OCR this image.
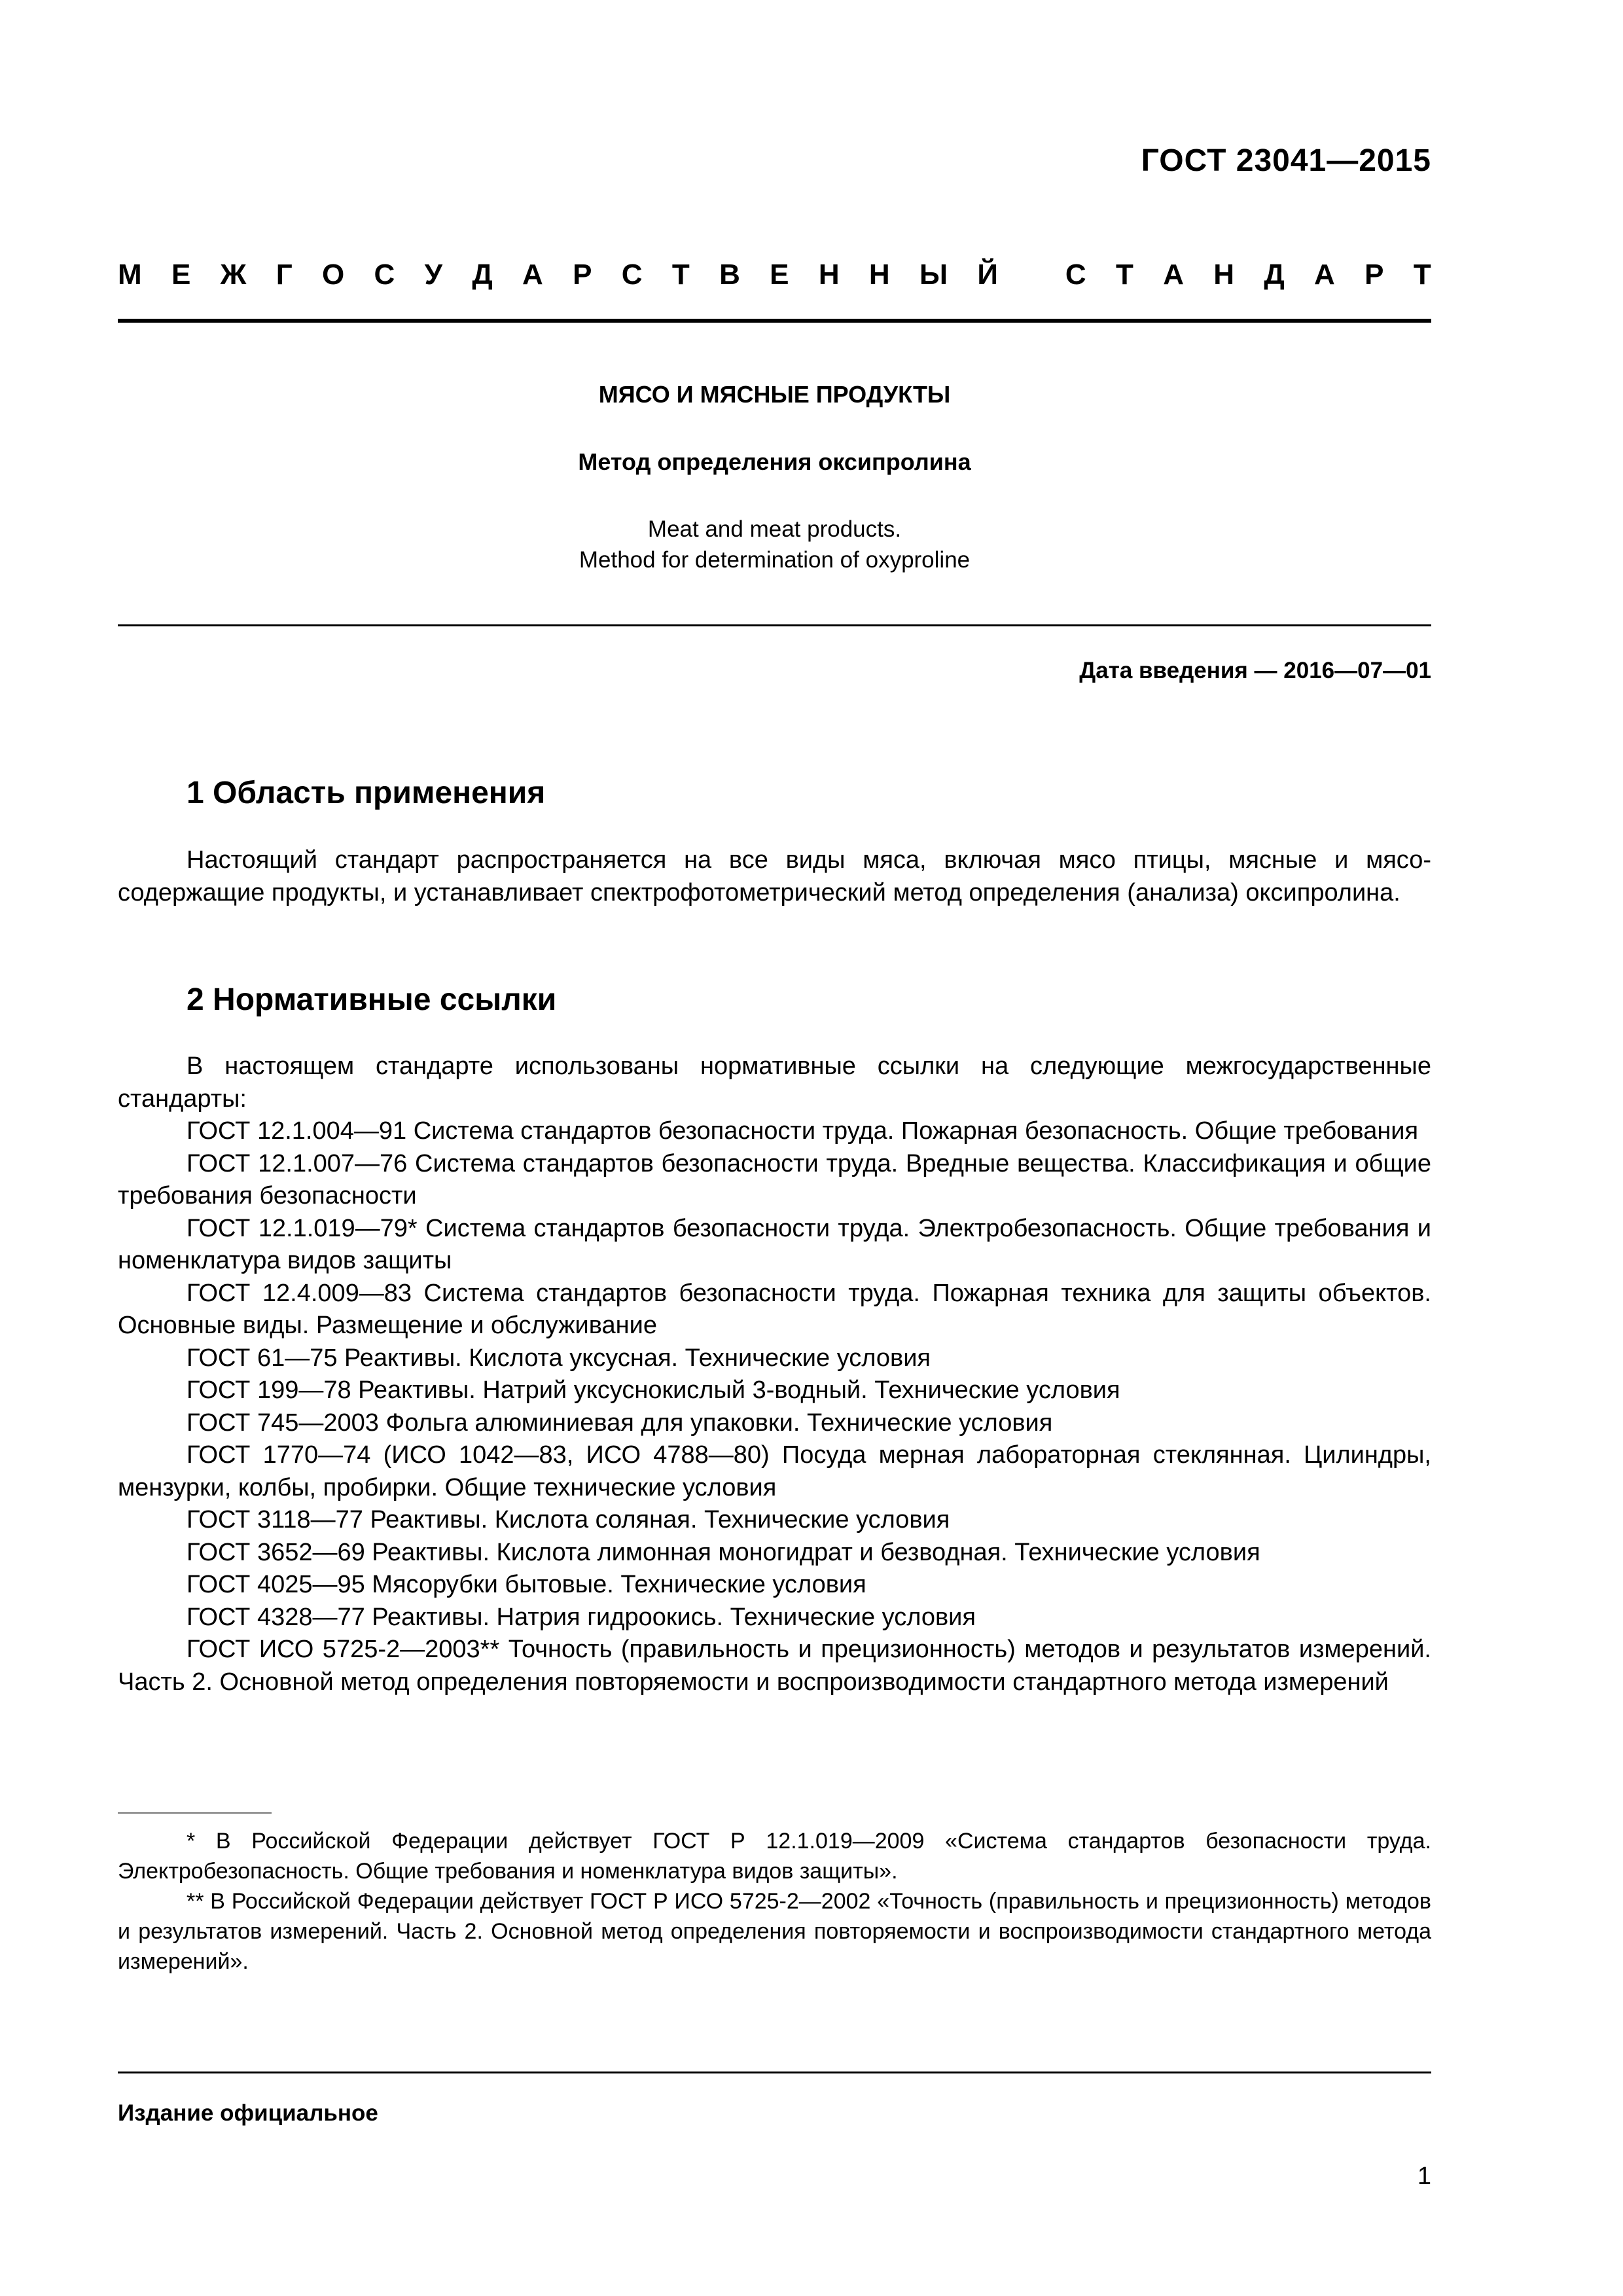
ГОСТ 23041—2015
М Е Ж Г О С У Д А Р С Т В Е Н Н Ы Й
С Т А Н Д А Р Т
МЯСО И МЯСНЫЕ ПРОДУКТЫ
Метод определения оксипролина
Meat and meat products.
Method for determination of oxyproline
Дата введения — 2016—07—01
1 Область применения

Настоящий стандарт распространяется на все виды мяса, включая мясо птицы, мясные и мясо-содержащие продукты, и устанавливает спектрофотометрический метод определения (анализа) оксипролина.

2 Нормативные ссылки

В настоящем стандарте использованы нормативные ссылки на следующие межгосударственные стандарты:

ГОСТ 12.1.004—91 Система стандартов безопасности труда. Пожарная безопасность. Общие требования

ГОСТ 12.1.007—76 Система стандартов безопасности труда. Вредные вещества. Классификация и общие требования безопасности

ГОСТ 12.1.019—79* Система стандартов безопасности труда. Электробезопасность. Общие требования и номенклатура видов защиты

ГОСТ 12.4.009—83 Система стандартов безопасности труда. Пожарная техника для защиты объектов. Основные виды. Размещение и обслуживание

ГОСТ 61—75 Реактивы. Кислота уксусная. Технические условия

ГОСТ 199—78 Реактивы. Натрий уксуснокислый 3-водный. Технические условия

ГОСТ 745—2003 Фольга алюминиевая для упаковки. Технические условия

ГОСТ 1770—74 (ИСО 1042—83, ИСО 4788—80) Посуда мерная лабораторная стеклянная. Цилиндры, мензурки, колбы, пробирки. Общие технические условия

ГОСТ 3118—77 Реактивы. Кислота соляная. Технические условия

ГОСТ 3652—69 Реактивы. Кислота лимонная моногидрат и безводная. Технические условия

ГОСТ 4025—95 Мясорубки бытовые. Технические условия

ГОСТ 4328—77 Реактивы. Натрия гидроокись. Технические условия

ГОСТ ИСО 5725-2—2003** Точность (правильность и прецизионность) методов и результатов измерений. Часть 2. Основной метод определения повторяемости и воспроизводимости стандартного метода измерений

* В Российской Федерации действует ГОСТ Р 12.1.019—2009 «Система стандартов безопасности труда. Электробезопасность. Общие требования и номенклатура видов защиты».

** В Российской Федерации действует ГОСТ Р ИСО 5725-2—2002 «Точность (правильность и прецизионность) методов и результатов измерений. Часть 2. Основной метод определения повторяемости и воспроизводимости стандартного метода измерений».

Издание официальное
1
